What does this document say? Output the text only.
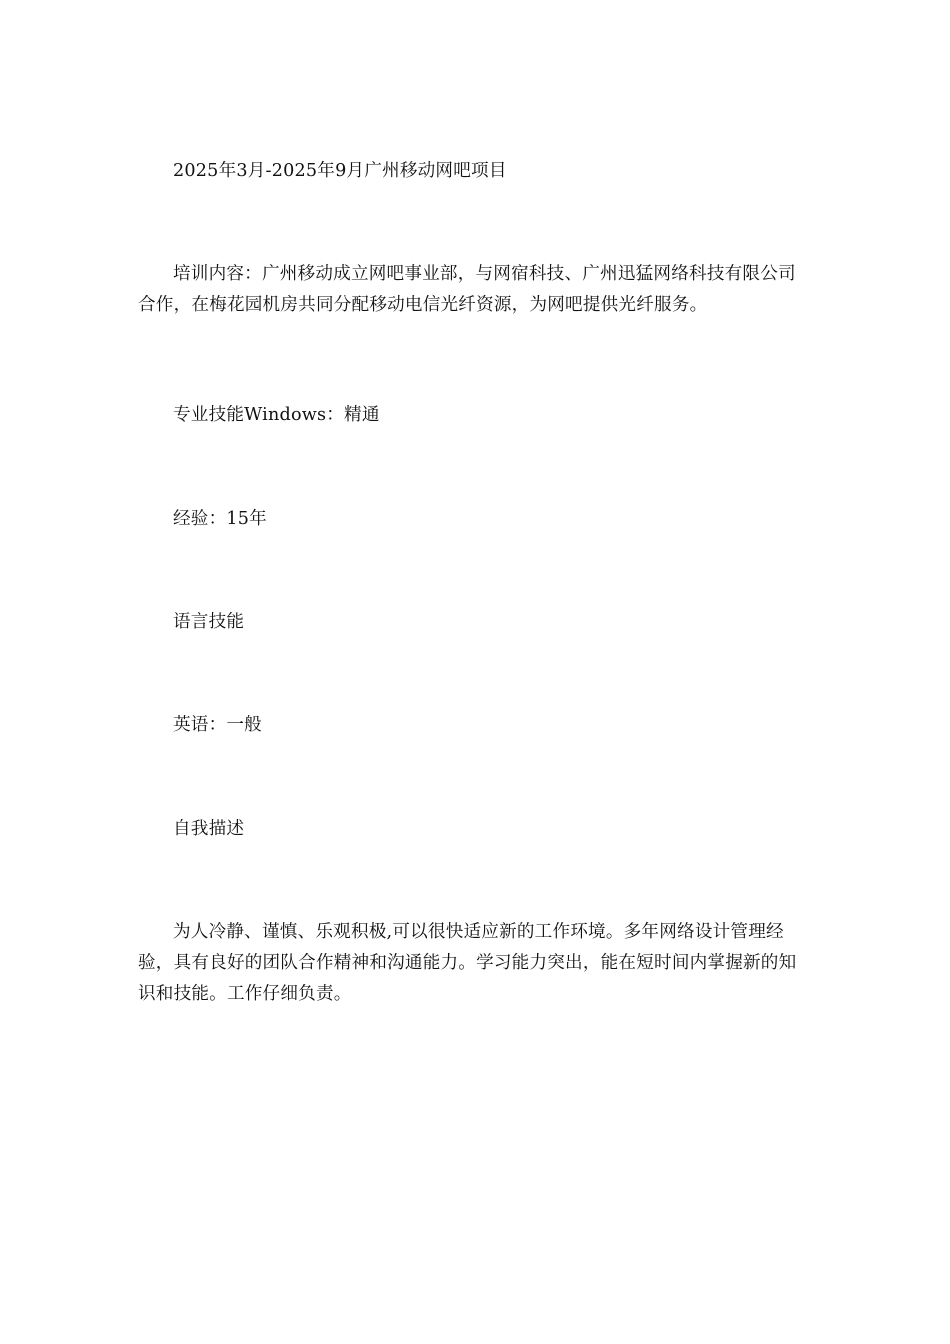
2025年3月-2025年9月广州移动网吧项目

培训内容：广州移动成立网吧事业部，与网宿科技、广州迅猛网络科技有限公司合作，在梅花园机房共同分配移动电信光纤资源，为网吧提供光纤服务。

专业技能Windows：精通

经验：15年

语言技能

英语：一般

自我描述

为人冷静、谨慎、乐观积极,可以很快适应新的工作环境。多年网络设计管理经验，具有良好的团队合作精神和沟通能力。学习能力突出，能在短时间内掌握新的知识和技能。工作仔细负责。
